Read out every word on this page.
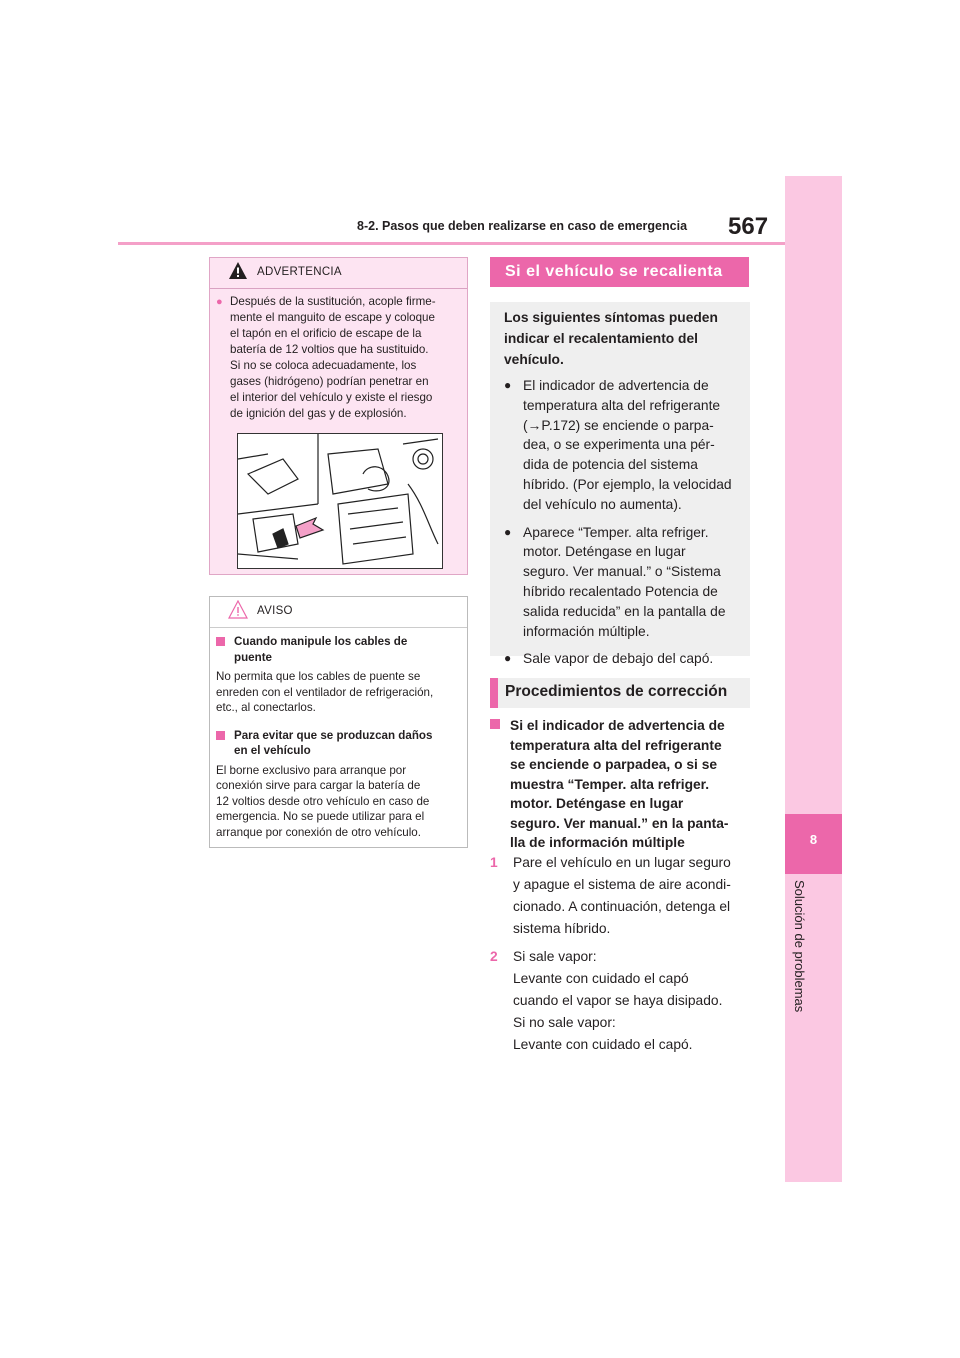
8-2. Pasos que deben realizarse en caso de emergencia 567
8
Solución de problemas
ADVERTENCIA
● Después de la sustitución, acople firme-
mente el manguito de escape y coloque
el tapón en el orificio de escape de la
batería de 12 voltios que ha sustituido.
Si no se coloca adecuadamente, los
gases (hidrógeno) podrían penetrar en
el interior del vehículo y existe el riesgo
de ignición del gas y de explosión.
AVISO
Cuando manipule los cables de
puente
No permita que los cables de puente se
enreden con el ventilador de refrigeración,
etc., al conectarlos.
Para evitar que se produzcan daños
en el vehículo
El borne exclusivo para arranque por
conexión sirve para cargar la batería de
12 voltios desde otro vehículo en caso de
emergencia. No se puede utilizar para el
arranque por conexión de otro vehículo.
Si el vehículo se recalienta
Los siguientes síntomas pueden
indicar el recalentamiento del
vehículo.
● El indicador de advertencia de
temperatura alta del refrigerante
(→P.172) se enciende o parpa-
dea, o se experimenta una pér-
dida de potencia del sistema
híbrido. (Por ejemplo, la velocidad
del vehículo no aumenta).
● Aparece “Temper. alta refriger.
motor. Deténgase en lugar
seguro. Ver manual.” o “Sistema
híbrido recalentado Potencia de
salida reducida” en la pantalla de
información múltiple.
● Sale vapor de debajo del capó.
Procedimientos de corrección
Si el indicador de advertencia de
temperatura alta del refrigerante
se enciende o parpadea, o si se
muestra “Temper. alta refriger.
motor. Deténgase en lugar
seguro. Ver manual.” en la panta-
lla de información múltiple
1	Pare el vehículo en un lugar seguro
y apague el sistema de aire acondi-
cionado. A continuación, detenga el
sistema híbrido.
2	Si sale vapor:
Levante con cuidado el capó
cuando el vapor se haya disipado.
Si no sale vapor:
Levante con cuidado el capó.
